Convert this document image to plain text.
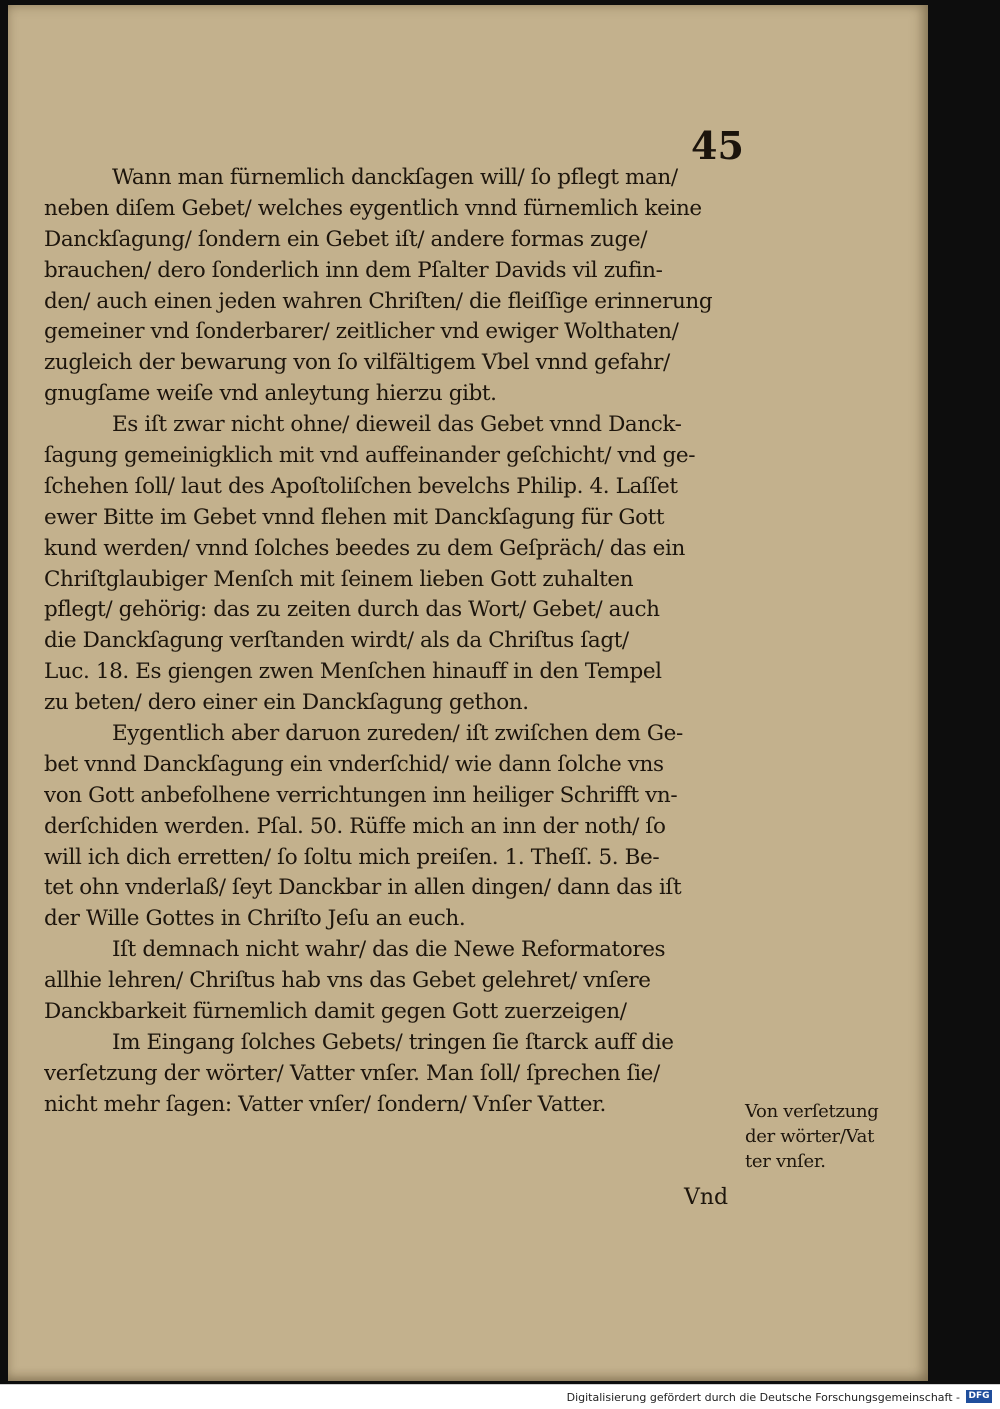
45
Wann man fürnemlich danckſagen will/ ſo pflegt man/
neben diſem Gebet/ welches eygentlich vnnd fürnemlich keine
Danckſagung/ ſondern ein Gebet iſt/ andere formas zuge/
brauchen/ dero ſonderlich inn dem Pſalter Davids vil zufin-
den/ auch einen jeden wahren Chriſten/ die fleiſſige erinnerung
gemeiner vnd ſonderbarer/ zeitlicher vnd ewiger Wolthaten/
zugleich der bewarung von ſo vilfältigem Vbel vnnd gefahr/
gnugſame weiſe vnd anleytung hierzu gibt.
Es iſt zwar nicht ohne/ dieweil das Gebet vnnd Danck-
ſagung gemeinigklich mit vnd auffeinander geſchicht/ vnd ge-
ſchehen ſoll/ laut des Apoſtoliſchen bevelchs Philip. 4. Laſſet
ewer Bitte im Gebet vnnd flehen mit Danckſagung für Gott
kund werden/ vnnd ſolches beedes zu dem Geſpräch/ das ein
Chriſtglaubiger Menſch mit ſeinem lieben Gott zuhalten
pflegt/ gehörig: das zu zeiten durch das Wort/ Gebet/ auch
die Danckſagung verſtanden wirdt/ als da Chriſtus ſagt/
Luc. 18. Es giengen zwen Menſchen hinauff in den Tempel
zu beten/ dero einer ein Danckſagung gethon.
Eygentlich aber daruon zureden/ iſt zwiſchen dem Ge-
bet vnnd Danckſagung ein vnderſchid/ wie dann ſolche vns
von Gott anbefolhene verrichtungen inn heiliger Schrifft vn-
derſchiden werden. Pſal. 50. Rüffe mich an inn der noth/ ſo
will ich dich erretten/ ſo ſoltu mich preiſen. 1. Theſſ. 5. Be-
tet ohn vnderlaß/ ſeyt Danckbar in allen dingen/ dann das iſt
der Wille Gottes in Chriſto Jeſu an euch.
Iſt demnach nicht wahr/ das die Newe Reformatores
allhie lehren/ Chriſtus hab vns das Gebet gelehret/ vnſere
Danckbarkeit fürnemlich damit gegen Gott zuerzeigen/
Im Eingang ſolches Gebets/ tringen ſie ſtarck auff die
verſetzung der wörter/ Vatter vnſer. Man ſoll/ ſprechen ſie/
nicht mehr ſagen: Vatter vnſer/ ſondern/ Vnſer Vatter.	Von verſetzung
der wörter/Vat
ter vnſer.
Vnd
Digitalisierung gefördert durch die Deutsche Forschungsgemeinschaft - DFG
